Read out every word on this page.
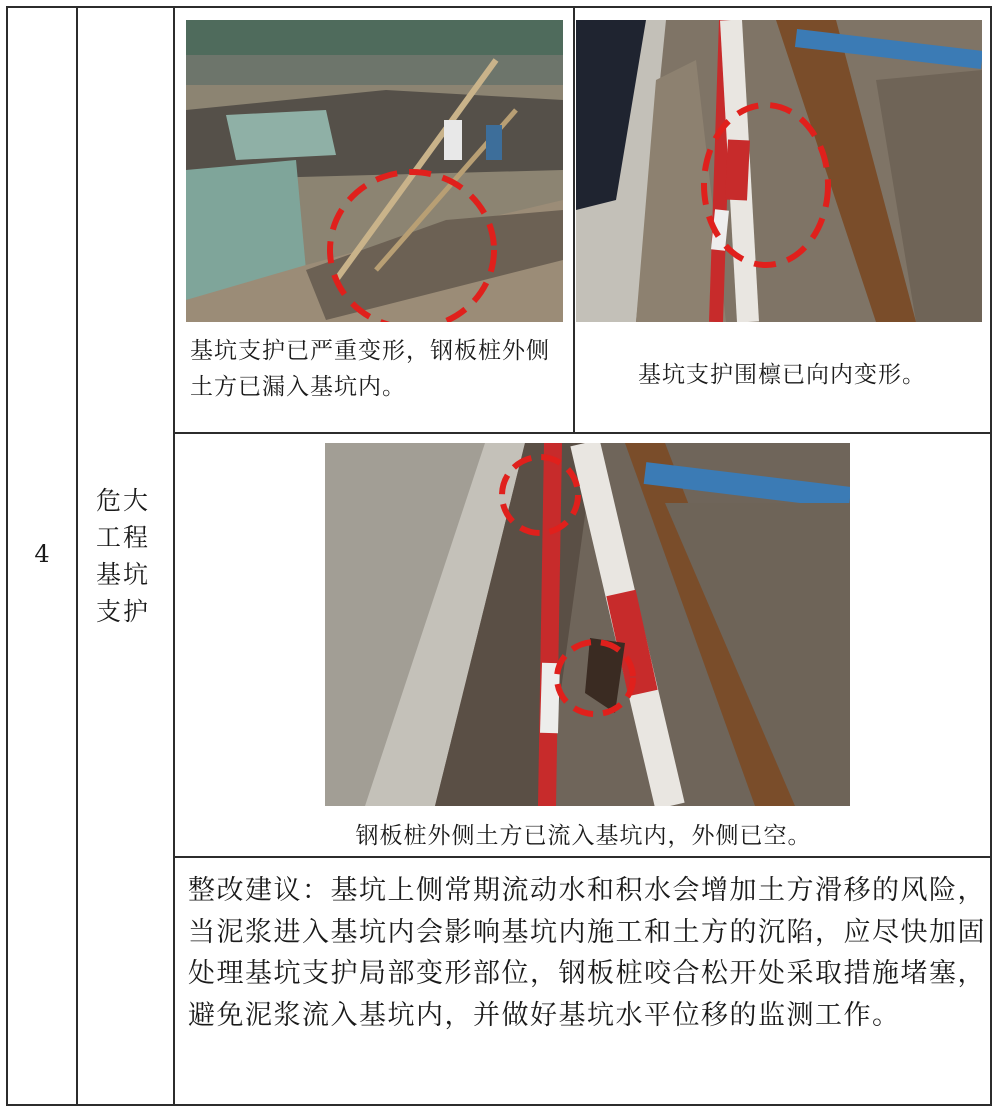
4
危大工程基坑支护
基坑支护已严重变形，钢板桩外侧土方已漏入基坑内。	基坑支护围檩已向内变形。
钢板桩外侧土方已流入基坑内，外侧已空。
整改建议：基坑上侧常期流动水和积水会增加土方滑移的风险，当泥浆进入基坑内会影响基坑内施工和土方的沉陷，应尽快加固处理基坑支护局部变形部位，钢板桩咬合松开处采取措施堵塞，避免泥浆流入基坑内，并做好基坑水平位移的监测工作。
